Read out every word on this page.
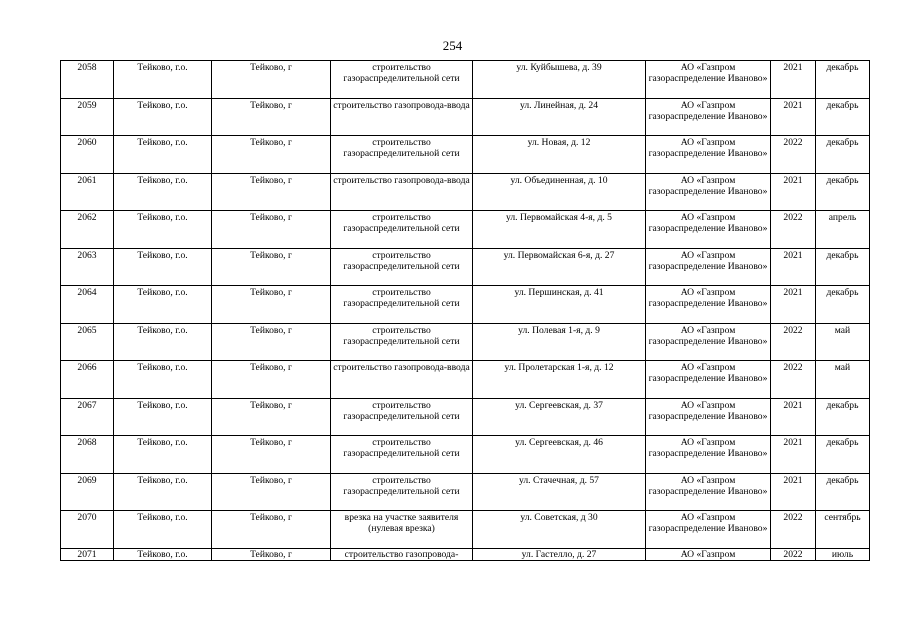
254
2058	Тейково, г.о.	Тейково, г	строительство газораспределительной сети	ул. Куйбышева, д. 39	АО «Газпром газораспределение Иваново»	2021	декабрь
2059	Тейково, г.о.	Тейково, г	строительство газопровода-ввода	ул. Линейная, д. 24	АО «Газпром газораспределение Иваново»	2021	декабрь
2060	Тейково, г.о.	Тейково, г	строительство газораспределительной сети	ул. Новая, д. 12	АО «Газпром газораспределение Иваново»	2022	декабрь
2061	Тейково, г.о.	Тейково, г	строительство газопровода-ввода	ул. Объединенная, д. 10	АО «Газпром газораспределение Иваново»	2021	декабрь
2062	Тейково, г.о.	Тейково, г	строительство газораспределительной сети	ул. Первомайская 4-я, д. 5	АО «Газпром газораспределение Иваново»	2022	апрель
2063	Тейково, г.о.	Тейково, г	строительство газораспределительной сети	ул. Первомайская 6-я, д. 27	АО «Газпром газораспределение Иваново»	2021	декабрь
2064	Тейково, г.о.	Тейково, г	строительство газораспределительной сети	ул. Першинская, д. 41	АО «Газпром газораспределение Иваново»	2021	декабрь
2065	Тейково, г.о.	Тейково, г	строительство газораспределительной сети	ул. Полевая 1-я, д. 9	АО «Газпром газораспределение Иваново»	2022	май
2066	Тейково, г.о.	Тейково, г	строительство газопровода-ввода	ул. Пролетарская 1-я, д. 12	АО «Газпром газораспределение Иваново»	2022	май
2067	Тейково, г.о.	Тейково, г	строительство газораспределительной сети	ул. Сергеевская, д. 37	АО «Газпром газораспределение Иваново»	2021	декабрь
2068	Тейково, г.о.	Тейково, г	строительство газораспределительной сети	ул. Сергеевская, д. 46	АО «Газпром газораспределение Иваново»	2021	декабрь
2069	Тейково, г.о.	Тейково, г	строительство газораспределительной сети	ул. Стачечная, д. 57	АО «Газпром газораспределение Иваново»	2021	декабрь
2070	Тейково, г.о.	Тейково, г	врезка на участке заявителя (нулевая врезка)	ул. Советская, д 30	АО «Газпром газораспределение Иваново»	2022	сентябрь
2071	Тейково, г.о.	Тейково, г	строительство газопровода-	ул. Гастелло, д. 27	АО «Газпром	2022	июль
